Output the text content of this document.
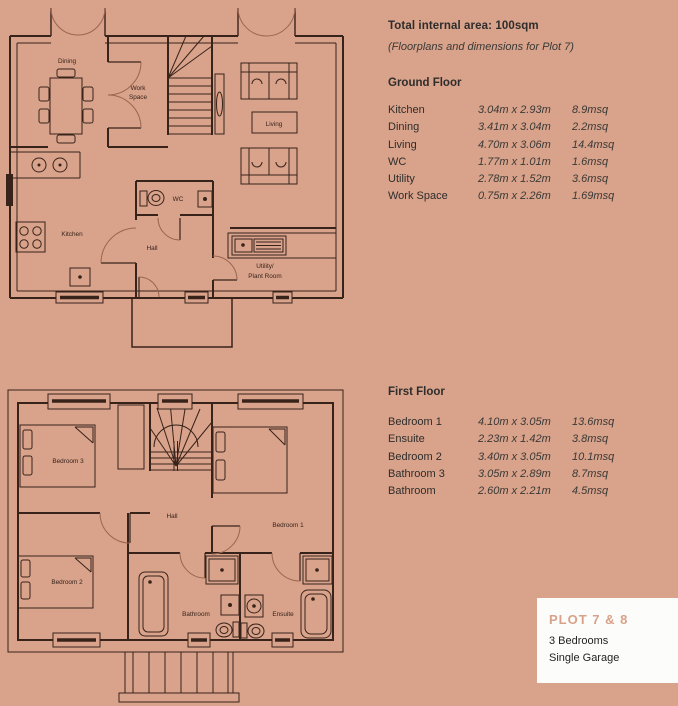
Dining
Work
Space
Living
Kitchen
Hall
WC
Utility/
Plant Room
Bedroom 3
Bedroom 1
Bedroom 2
Hall
Bathroom	Ensuite
Total internal area: 100sqm
(Floorplans and dimensions for Plot 7)
Ground Floor
Kitchen	3.04m x 2.93m	8.9msq
Dining	3.41m x 3.04m	2.2msq
Living	4.70m x 3.06m	14.4msq
WC	1.77m x 1.01m	1.6msq
Utility	2.78m x 1.52m	3.6msq
Work Space	0.75m x 2.26m	1.69msq
First Floor
Bedroom 1	4.10m x 3.05m	13.6msq
Ensuite	2.23m x 1.42m	3.8msq
Bedroom 2	3.40m x 3.05m	10.1msq
Bathroom 3	3.05m x 2.89m	8.7msq
Bathroom	2.60m x 2.21m	4.5msq
PLOT 7 & 8
3 Bedrooms
Single Garage
